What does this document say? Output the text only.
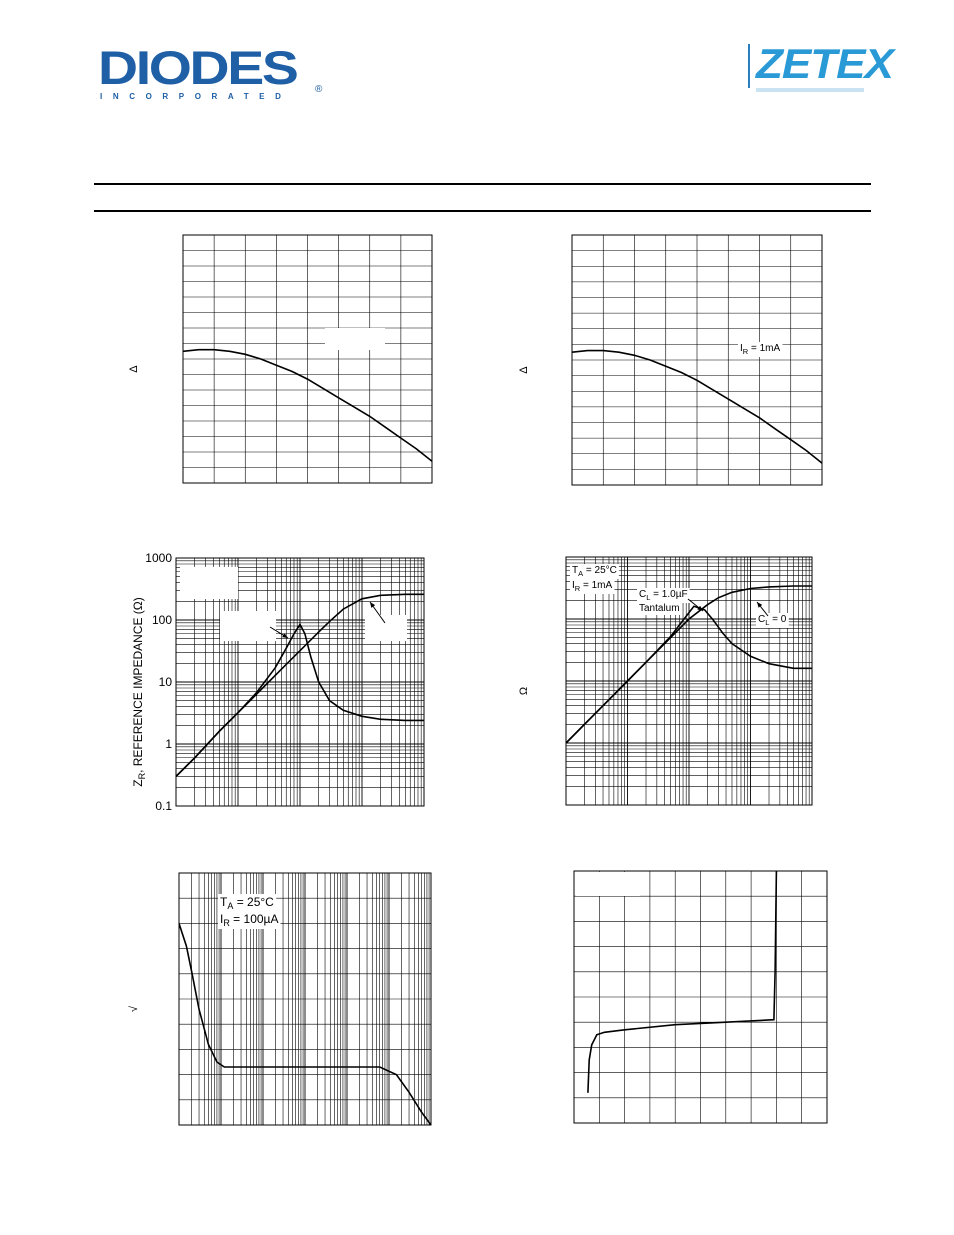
DIODES
INCORPORATED
®
ZETEX
Δ	Δ
$I_R = 1mA$
1000
100
10
1
0.1
$Z_R$, REFERENCE IMPEDANCE (Ω)	Ω
$T_A = 25^\circ C$
$I_R = 1mA$
$C_L = 1.0\mu F$
Tantalum
$C_L = 0$
√
$T_A = 25^\circ C$
$I_R = 100\mu A$
